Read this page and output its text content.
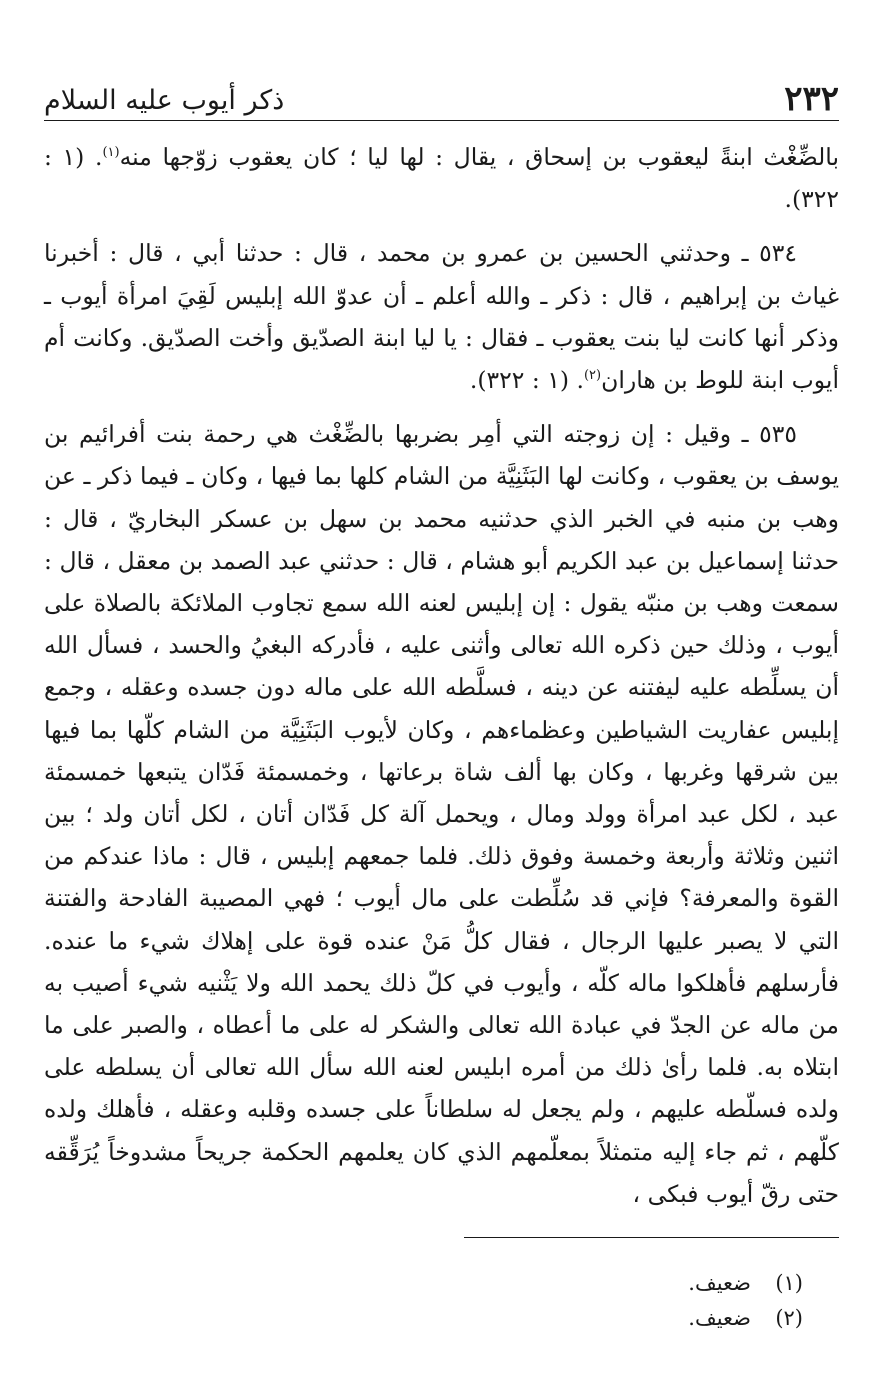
٢٣٢
ذكر أيوب عليه السلام

بالضِّغْث ابنةً ليعقوب بن إسحاق ، يقال : لها ليا ؛ كان يعقوب زوّجها منه$^{(١)}$. (١ : ٣٢٢).

٥٣٤ ـ وحدثني الحسين بن عمرو بن محمد ، قال : حدثنا أبي ، قال : أخبرنا غياث بن إبراهيم ، قال : ذكر ـ والله أعلم ـ أن عدوّ الله إبليس لَقِيَ امرأة أيوب ـ وذكر أنها كانت ليا بنت يعقوب ـ فقال : يا ليا ابنة الصدّيق وأخت الصدّيق. وكانت أم أيوب ابنة للوط بن هاران$^{(٢)}$. (١ : ٣٢٢).

٥٣٥ ـ وقيل : إن زوجته التي أمِر بضربها بالضِّغْث هي رحمة بنت أفرائيم بن يوسف بن يعقوب ، وكانت لها البَثَنِيَّة من الشام كلها بما فيها ، وكان ـ فيما ذكر ـ عن وهب بن منبه في الخبر الذي حدثنيه محمد بن سهل بن عسكر البخاريّ ، قال : حدثنا إسماعيل بن عبد الكريم أبو هشام ، قال : حدثني عبد الصمد بن معقل ، قال : سمعت وهب بن منبّه يقول : إن إبليس لعنه الله سمع تجاوب الملائكة بالصلاة على أيوب ، وذلك حين ذكره الله تعالى وأثنى عليه ، فأدركه البغيُ والحسد ، فسأل الله أن يسلِّطه عليه ليفتنه عن دينه ، فسلَّطه الله على ماله دون جسده وعقله ، وجمع إبليس عفاريت الشياطين وعظماءهم ، وكان لأيوب البَثَنِيَّة من الشام كلّها بما فيها بين شرقها وغربها ، وكان بها ألف شاة برعاتها ، وخمسمئة فَدّان يتبعها خمسمئة عبد ، لكل عبد امرأة وولد ومال ، ويحمل آلة كل فَدّان أتان ، لكل أتان ولد ؛ بين اثنين وثلاثة وأربعة وخمسة وفوق ذلك. فلما جمعهم إبليس ، قال : ماذا عندكم من القوة والمعرفة؟ فإني قد سُلِّطت على مال أيوب ؛ فهي المصيبة الفادحة والفتنة التي لا يصبر عليها الرجال ، فقال كلُّ مَنْ عنده قوة على إهلاك شيء ما عنده. فأرسلهم فأهلكوا ماله كلّه ، وأيوب في كلّ ذلك يحمد الله ولا يَثْنيه شيء أصيب به من ماله عن الجدّ في عبادة الله تعالى والشكر له على ما أعطاه ، والصبر على ما ابتلاه به. فلما رأىٰ ذلك من أمره ابليس لعنه الله سأل الله تعالى أن يسلطه على ولده فسلّطه عليهم ، ولم يجعل له سلطاناً على جسده وقلبه وعقله ، فأهلك ولده كلّهم ، ثم جاء إليه متمثلاً بمعلّمهم الذي كان يعلمهم الحكمة جريحاً مشدوخاً يُرَقِّقه حتى رقّ أيوب فبكى ،

(١)
ضعيف.
(٢)
ضعيف.
